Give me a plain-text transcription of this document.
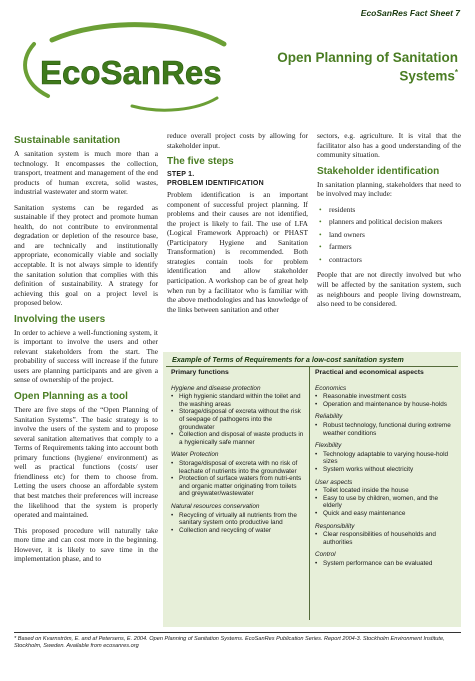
EcoSanRes Fact Sheet 7
EcoSanRes	Open Planning of Sanitation Systems*
Sustainable sanitation

A sanitation system is much more than a technology. It encompasses the collection, transport, treatment and management of the end products of human excreta, solid wastes, industrial wastewater and storm water.

Sanitation systems can be regarded as sustainable if they protect and promote human health, do not contribute to environmental degradation or depletion of the resource base, and are technically and institutionally appropriate, economically viable and socially acceptable. It is not always simple to identify the sanitation solution that complies with this definition of sustainability. A strategy for achieving this goal on a project level is proposed below.

Involving the users

In order to achieve a well-functioning system, it is important to involve the users and other relevant stakeholders from the start. The probability of success will increase if the future users are planning participants and are given a sense of ownership of the project.

Open Planning as a tool

There are five steps of the “Open Planning of Sanitation Systems”. The basic strategy is to involve the users of the system and to propose several sanitation alternatives that comply to a Terms of Requirements taking into account both primary functions (hygiene/ environment) as well as practical functions (costs/ user friendliness etc) for them to choose from. Letting the users choose an affordable system that best matches their preferences will increase the likelihood that the system is properly operated and maintained.

This proposed procedure will naturally take more time and can cost more in the beginning. However, it is likely to save time in the implementation phase, and to

reduce overall project costs by allowing for stakeholder input.

The five steps
STEP 1.
PROBLEM IDENTIFICATION

Problem identification is an important component of successful project planning. If problems and their causes are not identified, the project is likely to fail. The use of LFA (Logical Framework Approach) or PHAST (Participatory Hygiene and Sanitation Transformation) is recommended. Both strategies contain tools for problem identification and allow stakeholder participation. A workshop can be of great help when run by a facilitator who is familiar with the above methodologies and has knowledge of the links between sanitation and other

sectors, e.g. agriculture. It is vital that the facilitator also has a good understanding of the community situation.

Stakeholder identification

In sanitation planning, stakeholders that need to be involved may include:

• residents
• planners and political decision makers
• land owners
• farmers
• contractors

People that are not directly involved but who will be affected by the sanitation system, such as neighbours and people living downstream, also need to be considered.

Example of Terms of Requirements for a low-cost sanitation system
Primary functions
Hygiene and disease protection
• High hygienic standard within the toilet and the washing areas
• Storage/disposal of excreta without the risk of seepage of pathogens into the groundwater
• Collection and disposal of waste products in a hygienically safe manner
Water Protection
• Storage/disposal of excreta with no risk of leachate of nutrients into the groundwater
• Protection of surface waters from nutri-ents and organic matter originating from toilets and greywater/wastewater
Natural resources conservation
• Recycling of virtually all nutrients from the sanitary system onto productive land
• Collection and recycling of water
Practical and economical aspects
Economics
• Reasonable investment costs
• Operation and maintenance by house-holds
Reliability
• Robust technology, functional during extreme weather conditions
Flexibility
• Technology adaptable to varying house-hold sizes
• System works without electricity
User aspects
• Toilet located inside the house
• Easy to use by children, women, and the elderly
• Quick and easy maintenance
Responsibility
• Clear responsibilities of households and authorities
Control
• System performance can be evaluated
* Based on Kvarnström, E. and af Petersens, E. 2004. Open Planning of Sanitation Systems. EcoSanRes Publication Series. Report 2004-3. Stockholm Environment Institute, Stockholm, Sweden. Available from ecosanres.org
